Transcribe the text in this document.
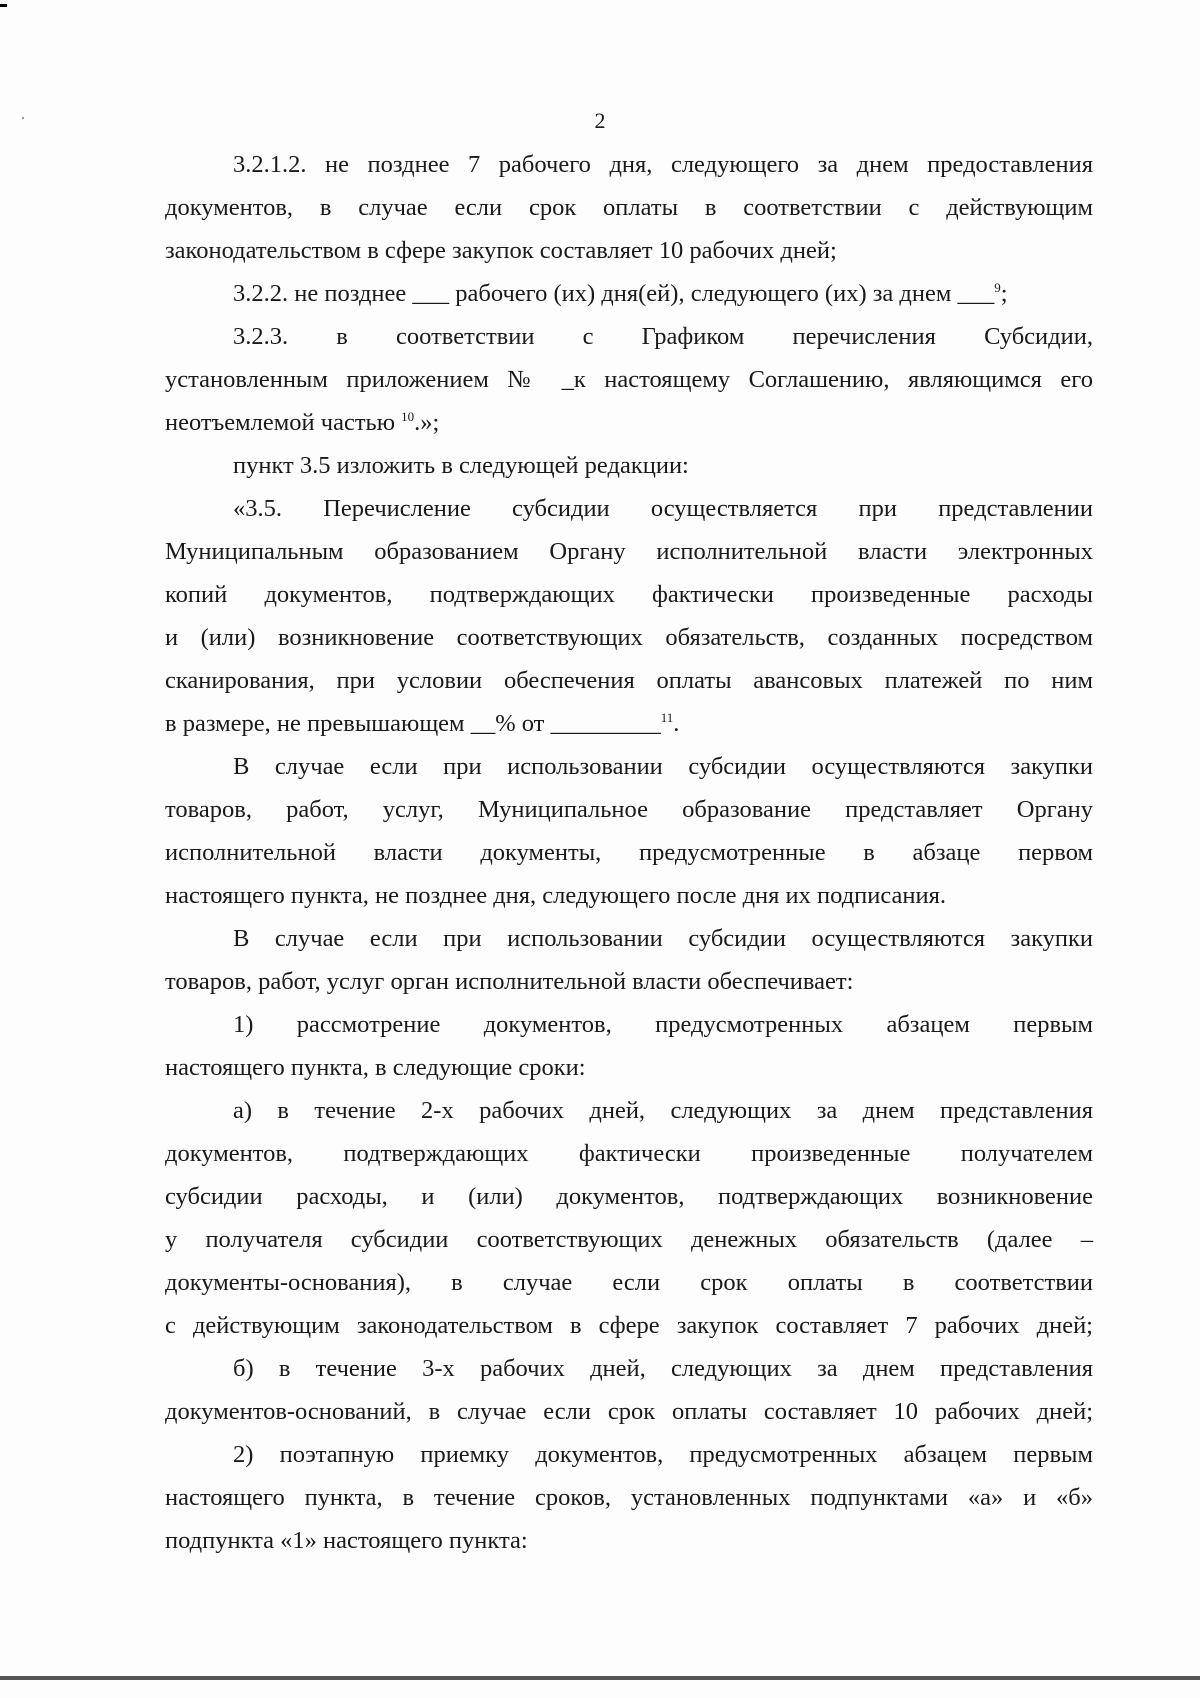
2
3.2.1.2. не позднее 7 рабочего дня, следующего за днем предоставления
документов, в случае если срок оплаты в соответствии с действующим
законодательством в сфере закупок составляет 10 рабочих дней;
3.2.2. не позднее ___ рабочего (их) дня(ей), следующего (их) за днем ___$^9$;
3.2.3. в соответствии с Графиком перечисления Субсидии,
установленным приложением № _к настоящему Соглашению, являющимся его
неотъемлемой частью $^{10}$.»;
пункт 3.5 изложить в следующей редакции:
«3.5. Перечисление субсидии осуществляется при представлении
Муниципальным образованием Органу исполнительной власти электронных
копий документов, подтверждающих фактически произведенные расходы
и (или) возникновение соответствующих обязательств, созданных посредством
сканирования, при условии обеспечения оплаты авансовых платежей по ним
в размере, не превышающем __% от _________$^{11}$.
В случае если при использовании субсидии осуществляются закупки
товаров, работ, услуг, Муниципальное образование представляет Органу
исполнительной власти документы, предусмотренные в абзаце первом
настоящего пункта, не позднее дня, следующего после дня их подписания.
В случае если при использовании субсидии осуществляются закупки
товаров, работ, услуг орган исполнительной власти обеспечивает:
1) рассмотрение документов, предусмотренных абзацем первым
настоящего пункта, в следующие сроки:
а) в течение 2-х рабочих дней, следующих за днем представления
документов, подтверждающих фактически произведенные получателем
субсидии расходы, и (или) документов, подтверждающих возникновение
у получателя субсидии соответствующих денежных обязательств (далее –
документы-основания), в случае если срок оплаты в соответствии
с действующим законодательством в сфере закупок составляет 7 рабочих дней;
б) в течение 3-х рабочих дней, следующих за днем представления
документов-оснований, в случае если срок оплаты составляет 10 рабочих дней;
2) поэтапную приемку документов, предусмотренных абзацем первым
настоящего пункта, в течение сроков, установленных подпунктами «а» и «б»
подпункта «1» настоящего пункта:
